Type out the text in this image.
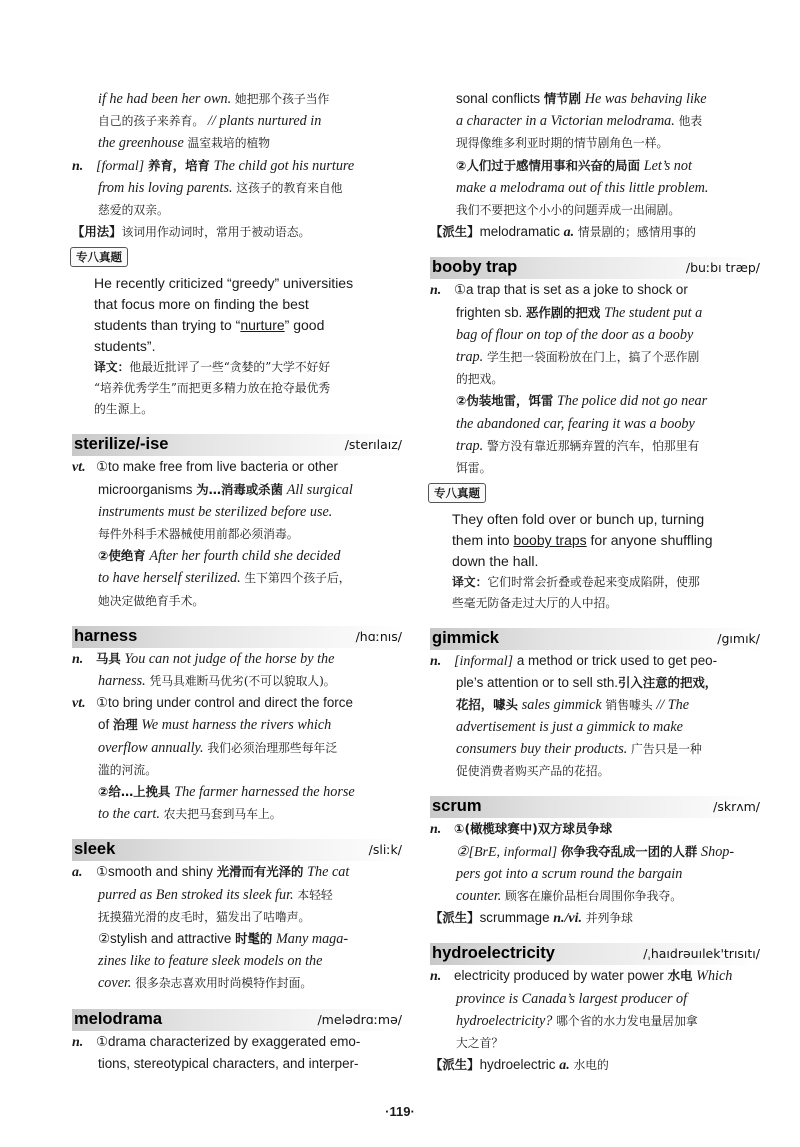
if he had been her own. 她把那个孩子当作

自己的孩子来养育。 // plants nurtured in

the greenhouse 温室栽培的植物

n. [formal] 养育，培育 The child got his nurture

from his loving parents. 这孩子的教育来自他

慈爱的双亲。

【用法】该词用作动词时，常用于被动语态。

专八真题

He recently criticized “greedy” universities

that focus more on finding the best

students than trying to “nurture” good

students”.

译文：他最近批评了一些“贪婪的”大学不好好

“培养优秀学生”而把更多精力放在抢夺最优秀

的生源上。

sterilize/-ise	/sterılaız/

vt. ①to make free from live bacteria or other

microorganisms 为…消毒或杀菌 All surgical

instruments must be sterilized before use.

每件外科手术器械使用前都必须消毒。

②使绝育 After her fourth child she decided

to have herself sterilized. 生下第四个孩子后，

她决定做绝育手术。

harness	/hɑːnıs/

n. 马具 You can not judge of the horse by the

harness. 凭马具难断马优劣(不可以貌取人)。

vt. ①to bring under control and direct the force

of 治理 We must harness the rivers which

overflow annually. 我们必须治理那些每年泛

滥的河流。

②给…上挽具 The farmer harnessed the horse

to the cart. 农夫把马套到马车上。

sleek	/sliːk/

a. ①smooth and shiny 光滑而有光泽的 The cat

purred as Ben stroked its sleek fur. 本轻轻

抚摸猫光滑的皮毛时，猫发出了咕噜声。

②stylish and attractive 时髦的 Many maga-

zines like to feature sleek models on the

cover. 很多杂志喜欢用时尚模特作封面。

melodrama	/melədrɑːmə/

n. ①drama characterized by exaggerated emo-

tions, stereotypical characters, and interper-

sonal conflicts 情节剧 He was behaving like

a character in a Victorian melodrama. 他表

现得像维多利亚时期的情节剧角色一样。

②人们过于感情用事和兴奋的局面 Let’s not

make a melodrama out of this little problem.

我们不要把这个小小的问题弄成一出闹剧。

【派生】melodramatic a. 情景剧的；感情用事的

booby trap	/buːbı træp/

n. ①a trap that is set as a joke to shock or

frighten sb. 恶作剧的把戏 The student put a

bag of flour on top of the door as a booby

trap. 学生把一袋面粉放在门上，搞了个恶作剧

的把戏。

②伪装地雷，饵雷 The police did not go near

the abandoned car, fearing it was a booby

trap. 警方没有靠近那辆弃置的汽车，怕那里有

饵雷。

专八真题

They often fold over or bunch up, turning

them into booby traps for anyone shuffling

down the hall.

译文：它们时常会折叠或卷起来变成陷阱，使那

些毫无防备走过大厅的人中招。

gimmick	/gımık/

n. [informal] a method or trick used to get peo-

ple’s attention or to sell sth.引入注意的把戏，

花招，噱头 sales gimmick 销售噱头 // The

advertisement is just a gimmick to make

consumers buy their products. 广告只是一种

促使消费者购买产品的花招。

scrum	/skrʌm/

n. ①(橄榄球赛中)双方球员争球

②[BrE, informal] 你争我夺乱成一团的人群 Shop-

pers got into a scrum round the bargain

counter. 顾客在廉价品柜台周围你争我夺。

【派生】scrummage n./vi. 并列争球

hydroelectricity	/ˌhaıdrəuılek'trısıtı/

n. electricity produced by water power 水电 Which

province is Canada’s largest producer of

hydroelectricity? 哪个省的水力发电量居加拿

大之首？

【派生】hydroelectric a. 水电的

·119·
